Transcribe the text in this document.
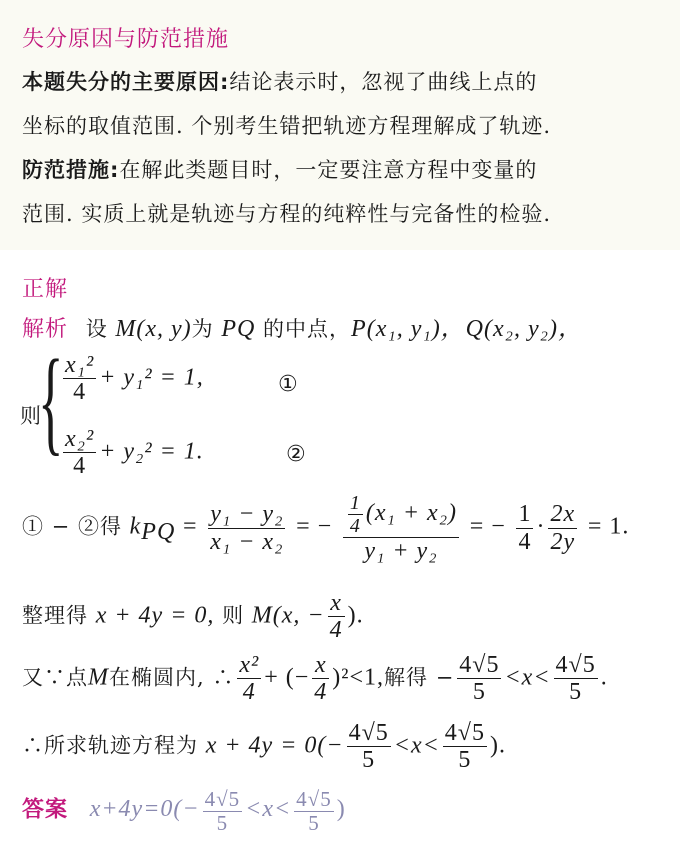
失分原因与防范措施
本题失分的主要原因:结论表示时，忽视了曲线上点的
坐标的取值范围. 个别考生错把轨迹方程理解成了轨迹.
防范措施:在解此类题目时，一定要注意方程中变量的
范围. 实质上就是轨迹与方程的纯粹性与完备性的检验.
正解
解析 设 M(x, y)为 PQ 的中点，P(x₁, y₁)，Q(x₂, y₂)，
则
{ $\frac{\text{x₁²}}{4} + y_1^2 = 1$,	①
$\frac{\text{x₂²}}{4} + y_2^2 = 1$.	②
① − ②得 $k_{PQ} = \frac{\text{y₁ − y₂}}{\text{x₁ − x₂}}$ = − $\frac{\frac{1}{4} (x_1 + x_2)}{\text{y₁ + y₂}}$ = − $\frac{1}{4} \cdot \frac{2x}{2y} = 1$.
整理得 x + 4y = 0, 则 M(x, − $\frac{x}{4}$ ).
又∵点M在椭圆内, ∴ $\frac{\text{x²}}{4}$ + (− $\frac{x}{4} )^2<1$,解得 − $\frac{4√5}{5} <x< \frac{4√5}{5}$ .
∴所求轨迹方程为 $x + 4y = 0(- \frac{4√5}{5} <x< \frac{4√5}{5}$ ).
答案 $x+4y=0(- \frac{4√5}{5} <x< \frac{4√5}{5}$ )
